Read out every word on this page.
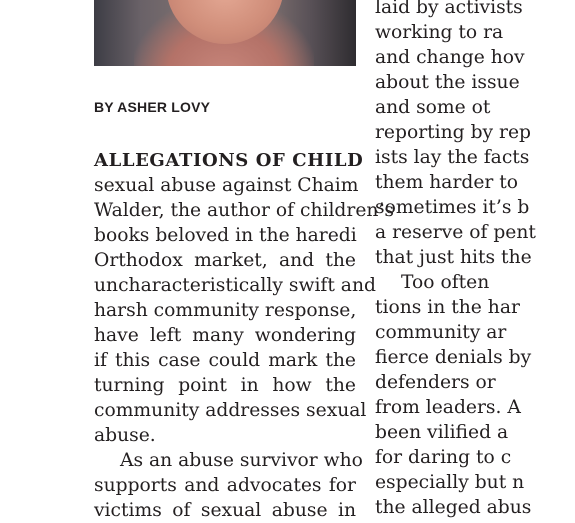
BY ASHER LOVY

ALLEGATIONS OF CHILD
sexual abuse against Chaim
Walder, the author of children’s
books beloved in the haredi
Orthodox market, and the
uncharacteristically swift and
harsh community response,
have left many wondering
if this case could mark the
turning point in how the
community addresses sexual
abuse.
As an abuse survivor who
supports and advocates for
victims of sexual abuse in
laid by activists
working to ra
and change hov
about the issue
and some ot
reporting by rep
ists lay the facts
them harder to
sometimes it’s b
a reserve of pent
that just hits the
Too often
tions in the har
community ar
fierce denials by
defenders or
from leaders. A
been vilified a
for daring to c
especially but n
the alleged abus
